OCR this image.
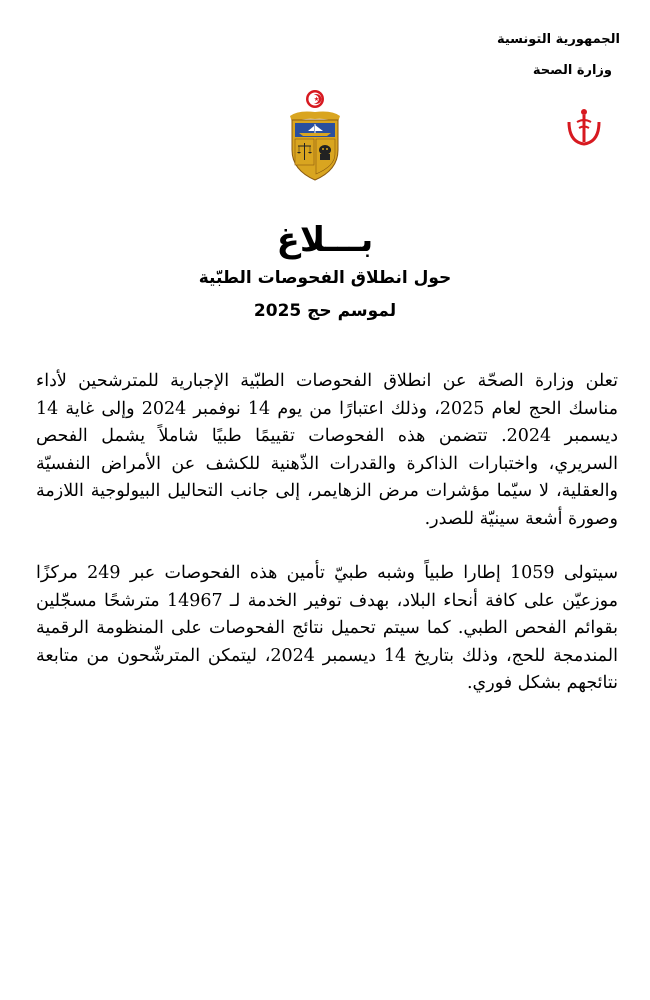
الجمهورية التونسية

وزارة الصحة

بـــلاغ
حول انطلاق الفحوصات الطبّية
لموسم حج 2025

تعلن وزارة الصحّة عن انطلاق الفحوصات الطبّية الإجبارية للمترشحين لأداء مناسك الحج لعام 2025، وذلك اعتبارًا من يوم 14 نوفمبر 2024 وإلى غاية 14 ديسمبر 2024. تتضمن هذه الفحوصات تقييمًا طبيًا شاملاً يشمل الفحص السريري، واختبارات الذاكرة والقدرات الذّهنية للكشف عن الأمراض النفسيّة والعقلية، لا سيّما مؤشرات مرض الزهايمر، إلى جانب التحاليل البيولوجية اللازمة وصورة أشعة سينيّة للصدر.

سيتولى 1059 إطارا طبياً وشبه طبيّ تأمين هذه الفحوصات عبر 249 مركزًا موزعيّن على كافة أنحاء البلاد، بهدف توفير الخدمة لـ 14967 مترشحًا مسجّلين بقوائم الفحص الطبي. كما سيتم تحميل نتائج الفحوصات على المنظومة الرقمية المندمجة للحج، وذلك بتاريخ 14 ديسمبر 2024، ليتمكن المترشّحون من متابعة نتائجهم بشكل فوري.
